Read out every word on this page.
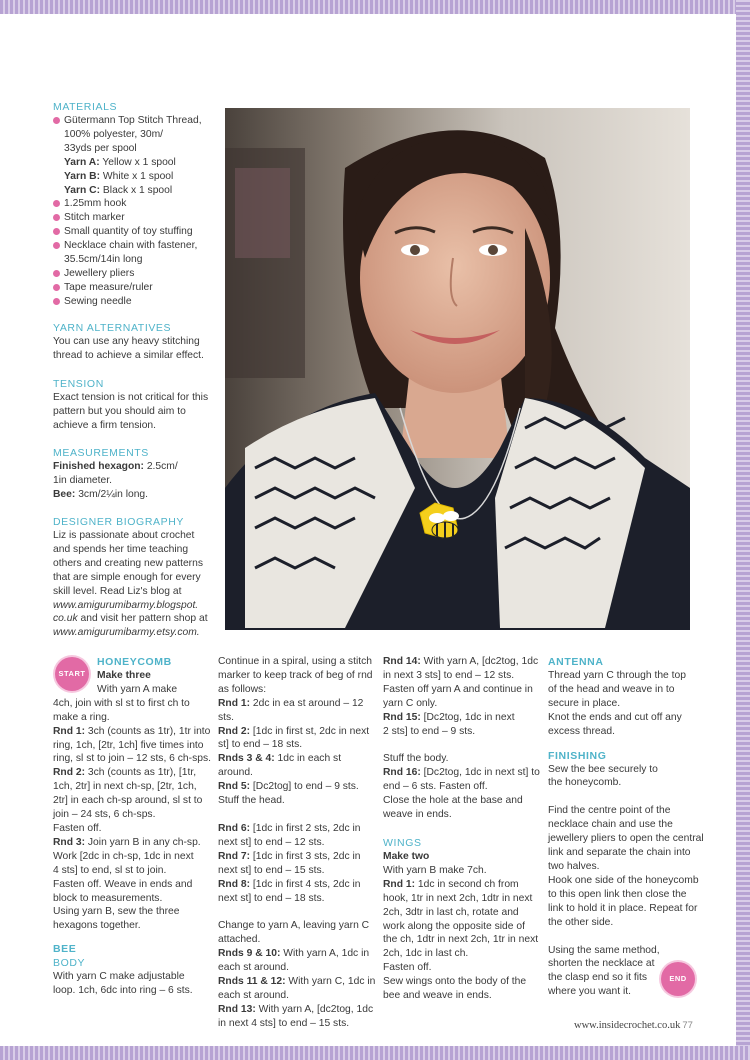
MATERIALS
Gütermann Top Stitch Thread,
100% polyester, 30m/
33yds per spool
Yarn A: Yellow x 1 spool
Yarn B: White x 1 spool
Yarn C: Black x 1 spool
1.25mm hook
Stitch marker
Small quantity of toy stuffing
Necklace chain with fastener,
35.5cm/14in long
Jewellery pliers
Tape measure/ruler
Sewing needle
YARN ALTERNATIVES
You can use any heavy stitching
thread to achieve a similar effect.
TENSION
Exact tension is not critical for this
pattern but you should aim to
achieve a firm tension.
MEASUREMENTS
Finished hexagon: 2.5cm/
1in diameter.
Bee: 3cm/2¼in long.
DESIGNER BIOGRAPHY
Liz is passionate about crochet
and spends her time teaching
others and creating new patterns
that are simple enough for every
skill level. Read Liz's blog at
www.amigurumibarmy.blogspot.
co.uk and visit her pattern shop at
www.amigurumibarmy.etsy.com.
START
HONEYCOMB
Make three
With yarn A make
4ch, join with sl st to first ch to
make a ring.
Rnd 1: 3ch (counts as 1tr), 1tr into
ring, 1ch, [2tr, 1ch] five times into
ring, sl st to join – 12 sts, 6 ch-sps.
Rnd 2: 3ch (counts as 1tr), [1tr,
1ch, 2tr] in next ch-sp, [2tr, 1ch,
2tr] in each ch-sp around, sl st to
join – 24 sts, 6 ch-sps.
Fasten off.
Rnd 3: Join yarn B in any ch-sp.
Work [2dc in ch-sp, 1dc in next
4 sts] to end, sl st to join.
Fasten off. Weave in ends and
block to measurements.
Using yarn B, sew the three
hexagons together.
BEE
BODY
With yarn C make adjustable
loop. 1ch, 6dc into ring – 6 sts.
Continue in a spiral, using a stitch
marker to keep track of beg of rnd
as follows:
Rnd 1: 2dc in ea st around – 12 sts.
Rnd 2: [1dc in first st, 2dc in next
st] to end – 18 sts.
Rnds 3 & 4: 1dc in each st around.
Rnd 5: [Dc2tog] to end – 9 sts.
Stuff the head.
Rnd 6: [1dc in first 2 sts, 2dc in
next st] to end – 12 sts.
Rnd 7: [1dc in first 3 sts, 2dc in
next st] to end – 15 sts.
Rnd 8: [1dc in first 4 sts, 2dc in
next st] to end – 18 sts.
Change to yarn A, leaving yarn C
attached.
Rnds 9 & 10: With yarn A, 1dc in
each st around.
Rnds 11 & 12: With yarn C, 1dc in
each st around.
Rnd 13: With yarn A, [dc2tog, 1dc
in next 4 sts] to end – 15 sts.
Rnd 14: With yarn A, [dc2tog, 1dc
in next 3 sts] to end – 12 sts.
Fasten off yarn A and continue in
yarn C only.
Rnd 15: [Dc2tog, 1dc in next
2 sts] to end – 9 sts.
Stuff the body.
Rnd 16: [Dc2tog, 1dc in next st] to
end – 6 sts. Fasten off.
Close the hole at the base and
weave in ends.
WINGS
Make two
With yarn B make 7ch.
Rnd 1: 1dc in second ch from
hook, 1tr in next 2ch, 1dtr in next
2ch, 3dtr in last ch, rotate and
work along the opposite side of
the ch, 1dtr in next 2ch, 1tr in next
2ch, 1dc in last ch.
Fasten off.
Sew wings onto the body of the
bee and weave in ends.
ANTENNA
Thread yarn C through the top
of the head and weave in to
secure in place.
Knot the ends and cut off any
excess thread.
FINISHING
Sew the bee securely to
the honeycomb.
Find the centre point of the
necklace chain and use the
jewellery pliers to open the central
link and separate the chain into
two halves.
Hook one side of the honeycomb
to this open link then close the
link to hold it in place. Repeat for
the other side.
Using the same method,
shorten the necklace at
the clasp end so it fits
where you want it.
END
www.insidecrochet.co.uk 77
